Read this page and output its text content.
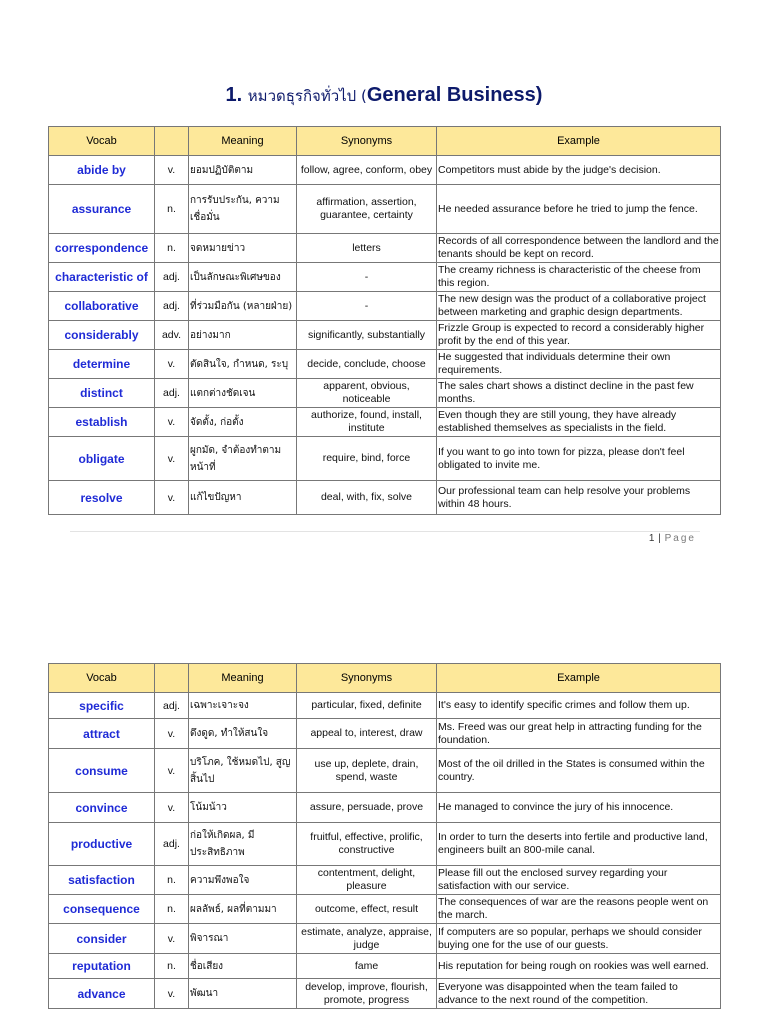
1. หมวดธุรกิจทั่วไป (General Business)
Vocab		Meaning	Synonyms	Example
abide by	v.	ยอมปฏิบัติตาม	follow, agree, conform, obey	Competitors must abide by the judge's decision.
assurance	n.	การรับประกัน, ความเชื่อมั่น	affirmation, assertion, guarantee, certainty	He needed assurance before he tried to jump the fence.
correspondence	n.	จดหมายข่าว	letters	Records of all correspondence between the landlord and the tenants should be kept on record.
characteristic of	adj.	เป็นลักษณะพิเศษของ	-	The creamy richness is characteristic of the cheese from this region.
collaborative	adj.	ที่ร่วมมือกัน (หลายฝ่าย)	-	The new design was the product of a collaborative project between marketing and graphic design departments.
considerably	adv.	อย่างมาก	significantly, substantially	Frizzle Group is expected to record a considerably higher profit by the end of this year.
determine	v.	ตัดสินใจ, กำหนด, ระบุ	decide, conclude, choose	He suggested that individuals determine their own requirements.
distinct	adj.	แตกต่างชัดเจน	apparent, obvious, noticeable	The sales chart shows a distinct decline in the past few months.
establish	v.	จัดตั้ง, ก่อตั้ง	authorize, found, install, institute	Even though they are still young, they have already established themselves as specialists in the field.
obligate	v.	ผูกมัด, จำต้องทำตามหน้าที่	require, bind, force	If you want to go into town for pizza, please don't feel obligated to invite me.
resolve	v.	แก้ไขปัญหา	deal, with, fix, solve	Our professional team can help resolve your problems within 48 hours.
1 | Page
Vocab		Meaning	Synonyms	Example
specific	adj.	เฉพาะเจาะจง	particular, fixed, definite	It's easy to identify specific crimes and follow them up.
attract	v.	ดึงดูด, ทำให้สนใจ	appeal to, interest, draw	Ms. Freed was our great help in attracting funding for the foundation.
consume	v.	บริโภค, ใช้หมดไป, สูญสิ้นไป	use up, deplete, drain, spend, waste	Most of the oil drilled in the States is consumed within the country.
convince	v.	โน้มน้าว	assure, persuade, prove	He managed to convince the jury of his innocence.
productive	adj.	ก่อให้เกิดผล, มีประสิทธิภาพ	fruitful, effective, prolific, constructive	In order to turn the deserts into fertile and productive land, engineers built an 800-mile canal.
satisfaction	n.	ความพึงพอใจ	contentment, delight, pleasure	Please fill out the enclosed survey regarding your satisfaction with our service.
consequence	n.	ผลลัพธ์, ผลที่ตามมา	outcome, effect, result	The consequences of war are the reasons people went on the march.
consider	v.	พิจารณา	estimate, analyze, appraise, judge	If computers are so popular, perhaps we should consider buying one for the use of our guests.
reputation	n.	ชื่อเสียง	fame	His reputation for being rough on rookies was well earned.
advance	v.	พัฒนา	develop, improve, flourish, promote, progress	Everyone was disappointed when the team failed to advance to the next round of the competition.
